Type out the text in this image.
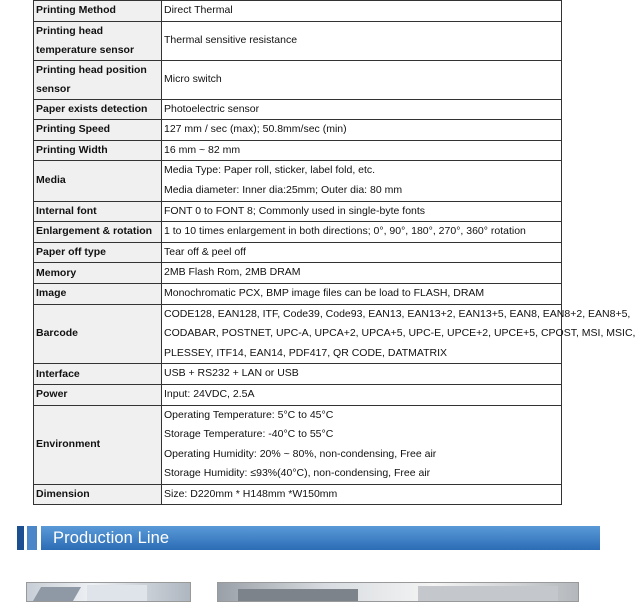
Printing Method	Direct Thermal

Printing head temperature sensor	Thermal sensitive resistance

Printing head position sensor	Micro switch

Paper exists detection	Photoelectric sensor

Printing Speed	127 mm / sec (max); 50.8mm/sec (min)

Printing Width	16 mm ~ 82 mm

Media	Media Type: Paper roll, sticker, label fold, etc.
Media diameter: Inner dia:25mm; Outer dia: 80 mm

Internal font	FONT 0 to FONT 8; Commonly used in single-byte fonts

Enlargement & rotation	1 to 10 times enlargement in both directions; 0°, 90°, 180°, 270°, 360° rotation

Paper off type	Tear off & peel off

Memory	2MB Flash Rom, 2MB DRAM

Image	Monochromatic PCX, BMP image files can be load to FLASH, DRAM

Barcode	CODE128, EAN128, ITF, Code39, Code93, EAN13, EAN13+2, EAN13+5, EAN8, EAN8+2, EAN8+5,
CODABAR, POSTNET, UPC-A, UPCA+2, UPCA+5, UPC-E, UPCE+2, UPCE+5, CPOST, MSI, MSIC,
PLESSEY, ITF14, EAN14, PDF417, QR CODE, DATMATRIX

Interface	USB + RS232 + LAN or USB

Power	Input: 24VDC, 2.5A

Environment	Operating Temperature: 5°C to 45°C
Storage Temperature: -40°C to 55°C
Operating Humidity: 20% ~ 80%, non-condensing, Free air
Storage Humidity: ≤93%(40°C), non-condensing, Free air

Dimension	Size: D220mm * H148mm *W150mm
Production Line
